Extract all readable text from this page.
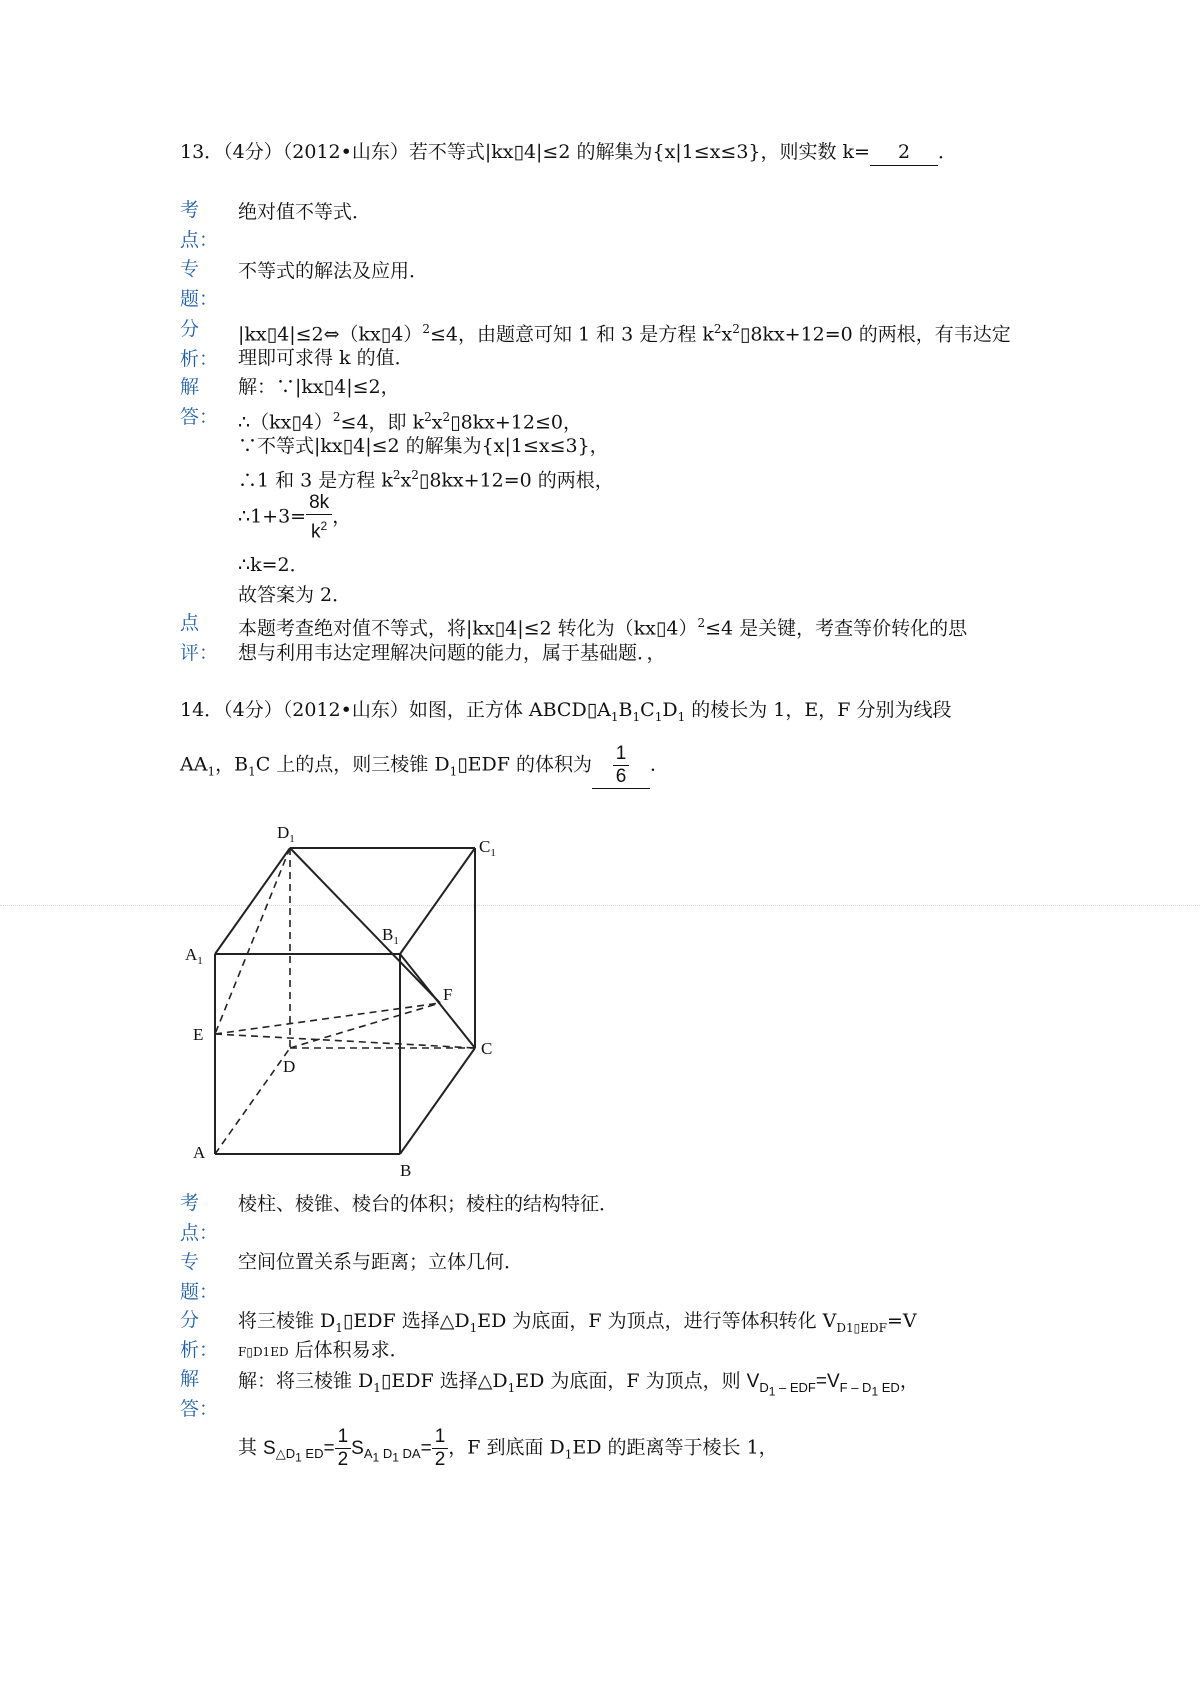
13．（4分）（2012•山东）若不等式|kx▯4|≤2 的解集为{x|1≤x≤3}，则实数 k= 2 ．
考
点：
绝对值不等式．
专
题：
不等式的解法及应用．
分
析：
|kx▯4|≤2⇔（kx▯4）$^2$≤4，由题意可知 1 和 3 是方程 $k^2x^2▯8kx+12=0$ 的两根，有韦达定
理即可求得 k 的值．
解
答：
解：∵|kx▯4|≤2，
∴（kx▯4）$^2$≤4，即 $k^2x^2▯8kx+12\le 0$，
∵不等式|kx▯4|≤2 的解集为{x|1≤x≤3}，
∴1 和 3 是方程 $k^2x^2▯8kx+12=0$ 的两根，
∴1+3= $\frac{8k}{k^2}$ ，
∴k=2．
故答案为 2．
点
评：
本题考查绝对值不等式，将|kx▯4|≤2 转化为（kx▯4）$^2$≤4 是关键，考查等价转化的思
想与利用韦达定理解决问题的能力，属于基础题．，
14．（4分）（2012•山东）如图，正方体 $ABCD▯A_1B_1C_1D_1$ 的棱长为 1，E，F 分别为线段
$AA_1$，$B_1C$ 上的点，则三棱锥 $D_1▯EDF$ 的体积为 $\frac{1}{6}$ ．
$D_1$	$C_1$
$B_1$
$A_1$
F
E
D
C
A
B
考
点：
棱柱、棱锥、棱台的体积；棱柱的结构特征．
专
题：
空间位置关系与距离；立体几何．
分
析：
将三棱锥 $D_1▯EDF$ 选择$\triangle D_1ED$ 为底面，F 为顶点，进行等体积转化 $V_{D1▯EDF}=V$
F▯D1ED 后体积易求．
解
答：
解：将三棱锥 $D_1▯EDF$ 选择$\triangle D_1ED$ 为底面，F 为顶点，则 $V_{D_1 - EDF}=V_{F - D_1 ED}$，
其 $S_{\triangle D_1 ED}= \frac{1}{2} S_{A_1 D_1 DA}= \frac{1}{2}$ ，F 到底面 $D_1ED$ 的距离等于棱长 1，
